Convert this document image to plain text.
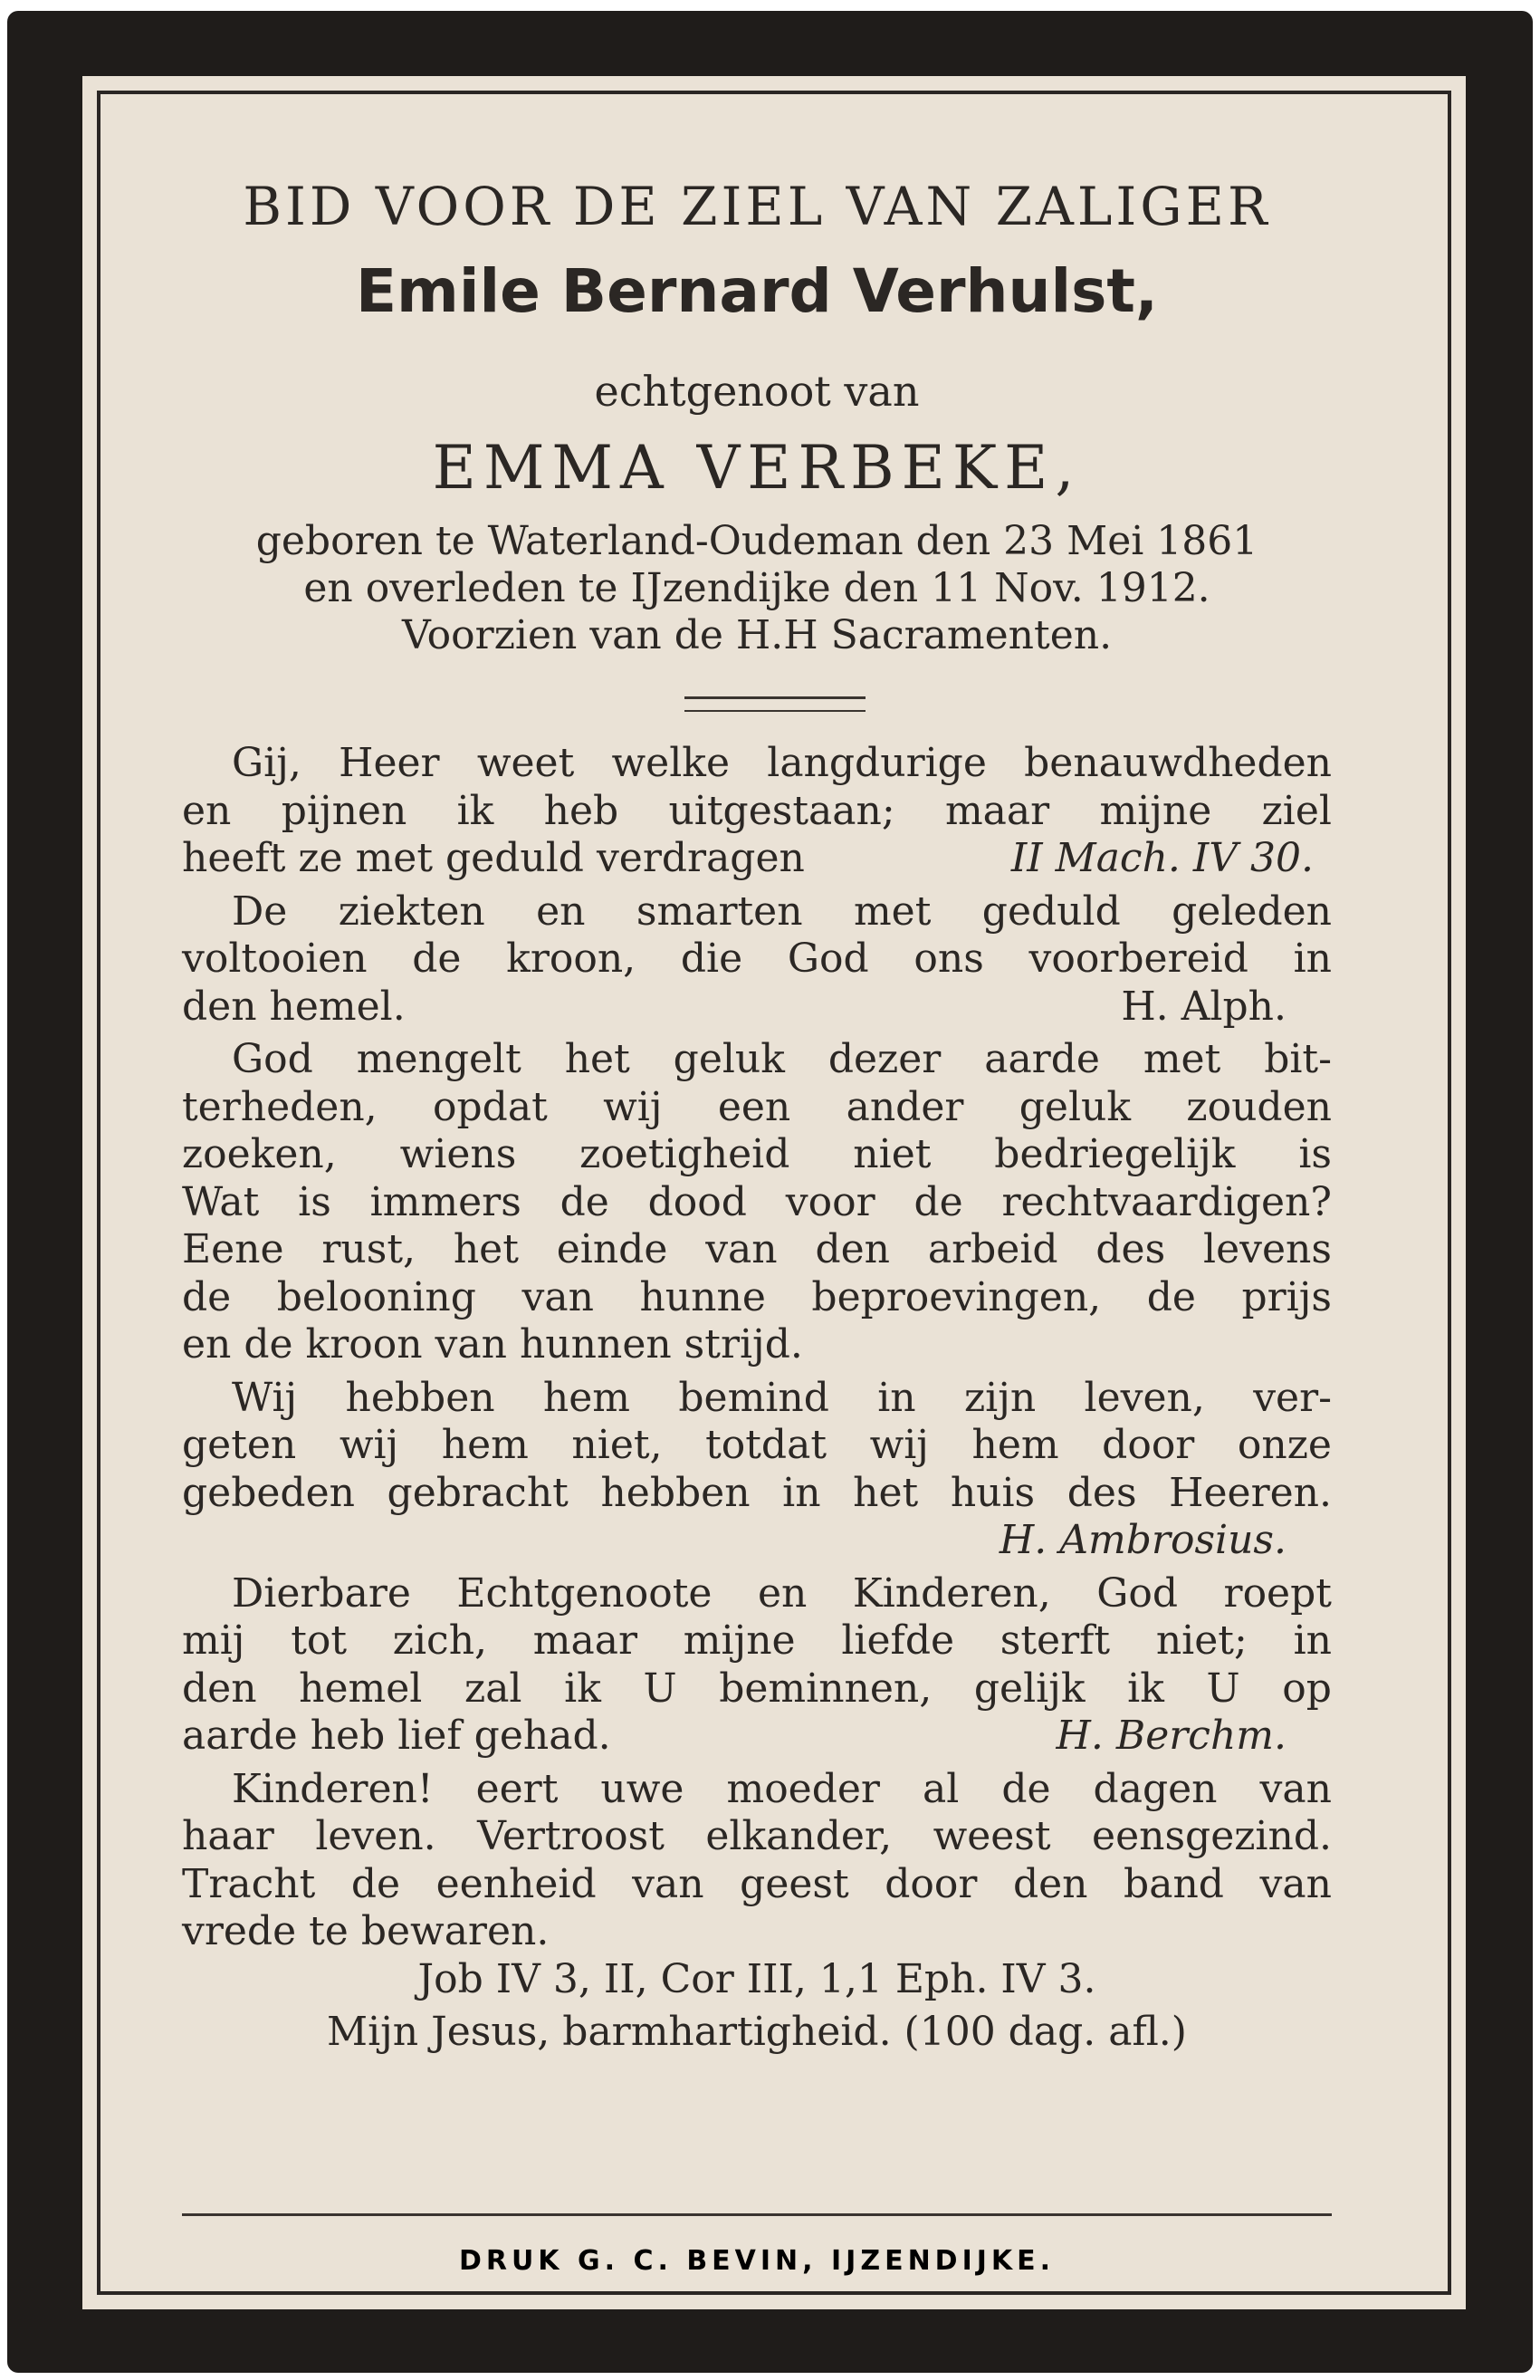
BID VOOR DE ZIEL VAN ZALIGER
Emile Bernard Verhulst,
echtgenoot van
EMMA VERBEKE,
geboren te Waterland-Oudeman den 23 Mei 1861
en overleden te IJzendijke den 11 Nov. 1912.
Voorzien van de H.H Sacramenten.
Gij, Heer weet welke langdurige benauwdheden
en pijnen ik heb uitgestaan; maar mijne ziel
heeft ze met geduld verdragen	II Mach. IV 30.
De ziekten en smarten met geduld geleden
voltooien de kroon, die God ons voorbereid in
den hemel.	H. Alph.
God mengelt het geluk dezer aarde met bit-
terheden, opdat wij een ander geluk zouden
zoeken, wiens zoetigheid niet bedriegelijk is
Wat is immers de dood voor de rechtvaardigen?
Eene rust, het einde van den arbeid des levens
de belooning van hunne beproevingen, de prijs
en de kroon van hunnen strijd.
Wij hebben hem bemind in zijn leven, ver-
geten wij hem niet, totdat wij hem door onze
gebeden gebracht hebben in het huis des Heeren.
H. Ambrosius.
Dierbare Echtgenoote en Kinderen, God roept
mij tot zich, maar mijne liefde sterft niet; in
den hemel zal ik U beminnen, gelijk ik U op
aarde heb lief gehad.	H. Berchm.
Kinderen! eert uwe moeder al de dagen van
haar leven. Vertroost elkander, weest eensgezind.
Tracht de eenheid van geest door den band van
vrede te bewaren.
Job IV 3, II, Cor III, 1,1 Eph. IV 3.
Mijn Jesus, barmhartigheid. (100 dag. afl.)
DRUK G. C. BEVIN, IJZENDIJKE.
